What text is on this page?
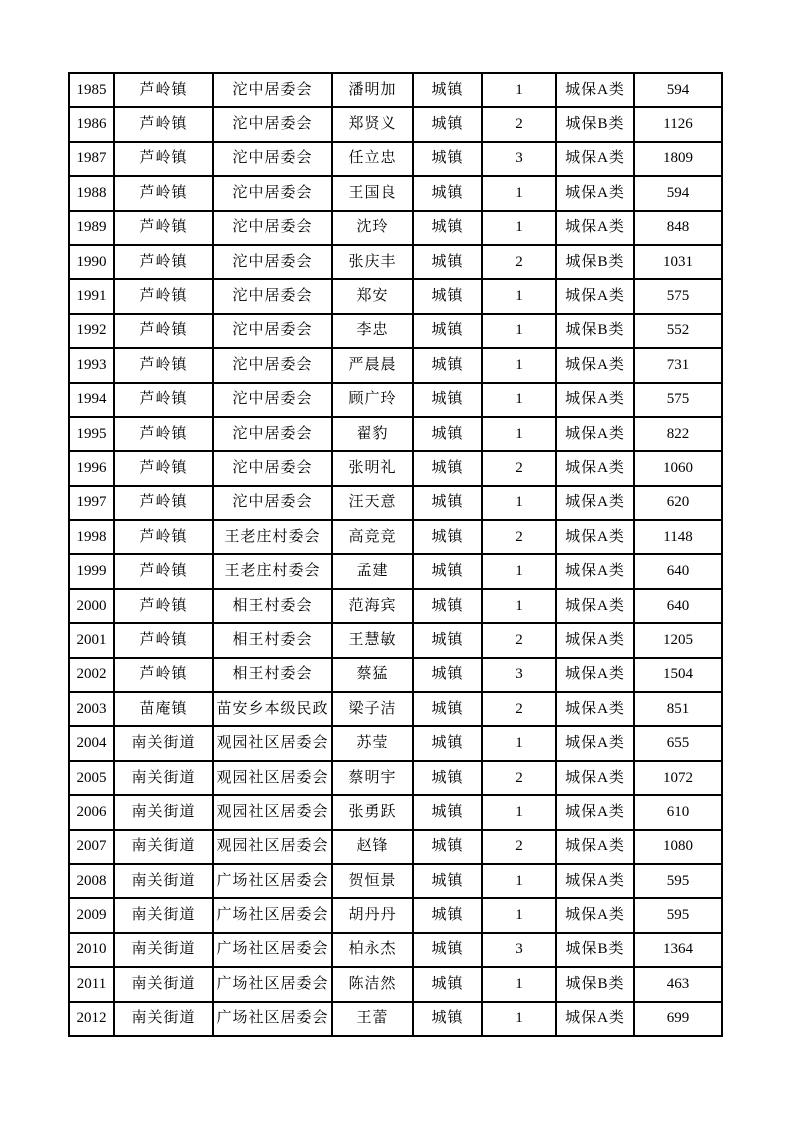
1985	芦岭镇	沱中居委会	潘明加	城镇	1	城保A类	594
1986	芦岭镇	沱中居委会	郑贤义	城镇	2	城保B类	1126
1987	芦岭镇	沱中居委会	任立忠	城镇	3	城保A类	1809
1988	芦岭镇	沱中居委会	王国良	城镇	1	城保A类	594
1989	芦岭镇	沱中居委会	沈玲	城镇	1	城保A类	848
1990	芦岭镇	沱中居委会	张庆丰	城镇	2	城保B类	1031
1991	芦岭镇	沱中居委会	郑安	城镇	1	城保A类	575
1992	芦岭镇	沱中居委会	李忠	城镇	1	城保B类	552
1993	芦岭镇	沱中居委会	严晨晨	城镇	1	城保A类	731
1994	芦岭镇	沱中居委会	顾广玲	城镇	1	城保A类	575
1995	芦岭镇	沱中居委会	翟豹	城镇	1	城保A类	822
1996	芦岭镇	沱中居委会	张明礼	城镇	2	城保A类	1060
1997	芦岭镇	沱中居委会	汪天意	城镇	1	城保A类	620
1998	芦岭镇	王老庄村委会	高竞竞	城镇	2	城保A类	1148
1999	芦岭镇	王老庄村委会	孟建	城镇	1	城保A类	640
2000	芦岭镇	相王村委会	范海宾	城镇	1	城保A类	640
2001	芦岭镇	相王村委会	王慧敏	城镇	2	城保A类	1205
2002	芦岭镇	相王村委会	蔡猛	城镇	3	城保A类	1504
2003	苗庵镇	苗安乡本级民政	梁子洁	城镇	2	城保A类	851
2004	南关街道	观园社区居委会	苏莹	城镇	1	城保A类	655
2005	南关街道	观园社区居委会	蔡明宇	城镇	2	城保A类	1072
2006	南关街道	观园社区居委会	张勇跃	城镇	1	城保A类	610
2007	南关街道	观园社区居委会	赵锋	城镇	2	城保A类	1080
2008	南关街道	广场社区居委会	贺恒景	城镇	1	城保A类	595
2009	南关街道	广场社区居委会	胡丹丹	城镇	1	城保A类	595
2010	南关街道	广场社区居委会	柏永杰	城镇	3	城保B类	1364
2011	南关街道	广场社区居委会	陈洁然	城镇	1	城保B类	463
2012	南关街道	广场社区居委会	王蕾	城镇	1	城保A类	699
